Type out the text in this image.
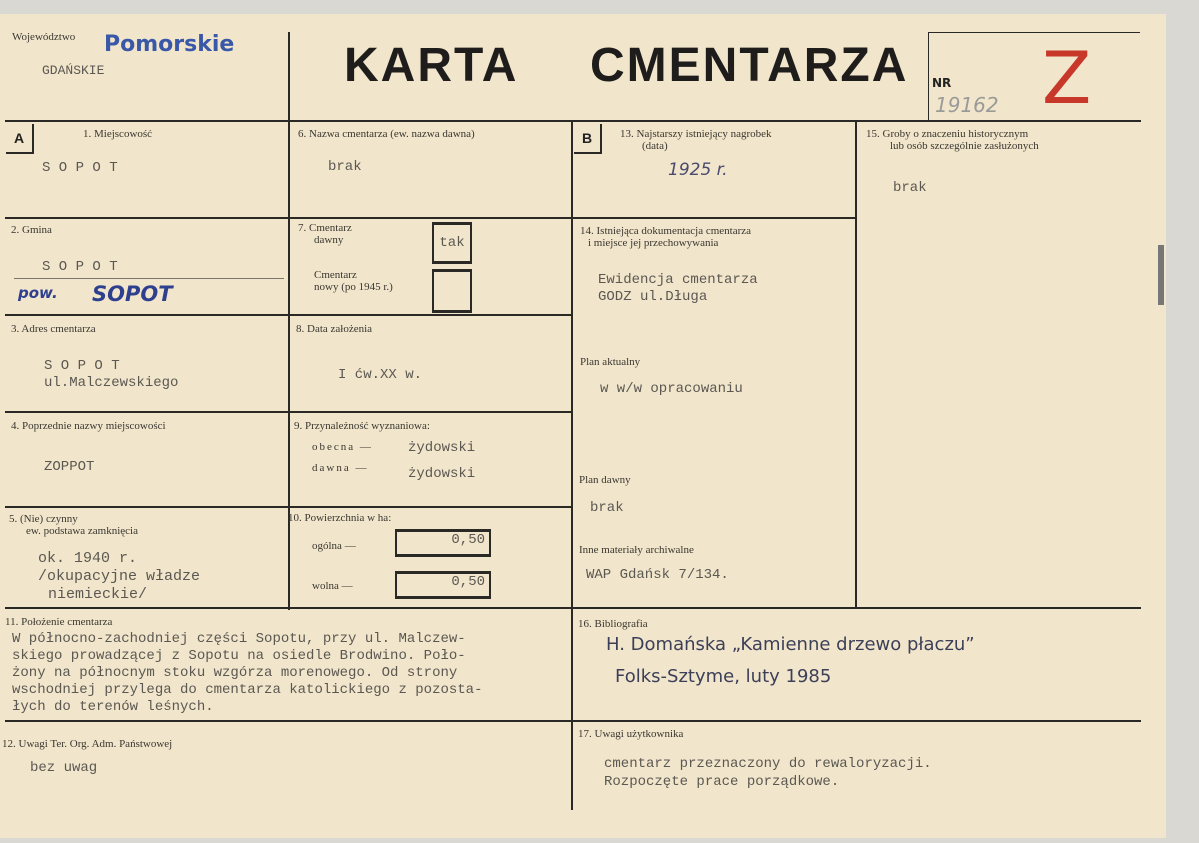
Województwo Pomorskie
GDAŃSKIE	KARTA CMENTARZA NR
19162 Z
A	1. Miejscowość
S O P O T
2. Gmina
S O P O T
pow. SOPOT
3. Adres cmentarza
S O P O T
ul.Malczewskiego
4. Poprzednie nazwy miejscowości
ZOPPOT
5. (Nie) czynny
ew. podstawa zamknięcia
ok. 1940 r.
/okupacyjne władze
niemieckie/
6. Nazwa cmentarza (ew. nazwa dawna)
brak
7. Cmentarz
dawny	tak
Cmentarz
nowy (po 1945 r.)
8. Data założenia
I ćw.XX w.
9. Przynależność wyznaniowa:
obecna —	żydowski
dawna —	żydowski
10. Powierzchnia w ha:
ogólna —	0,50
wolna —	0,50
11. Położenie cmentarza
W północno-zachodniej części Sopotu, przy ul. Malczew-
skiego prowadzącej z Sopotu na osiedle Brodwino. Poło-
żony na północnym stoku wzgórza morenowego. Od strony
wschodniej przylega do cmentarza katolickiego z pozosta-
łych do terenów leśnych.
12. Uwagi Ter. Org. Adm. Państwowej
bez uwag
B	13. Najstarszy istniejący nagrobek
(data)
1925 r.
14. Istniejąca dokumentacja cmentarza
i miejsce jej przechowywania
Ewidencja cmentarza
GODZ ul.Długa
Plan aktualny
w w/w opracowaniu
Plan dawny
brak
Inne materiały archiwalne
WAP Gdańsk 7/134.
15. Groby o znaczeniu historycznym
lub osób szczególnie zasłużonych
brak
16. Bibliografia
H. Domańska „Kamienne drzewo płaczu”
Folks-Sztyme, luty 1985
17. Uwagi użytkownika
cmentarz przeznaczony do rewaloryzacji.
Rozpoczęte prace porządkowe.
